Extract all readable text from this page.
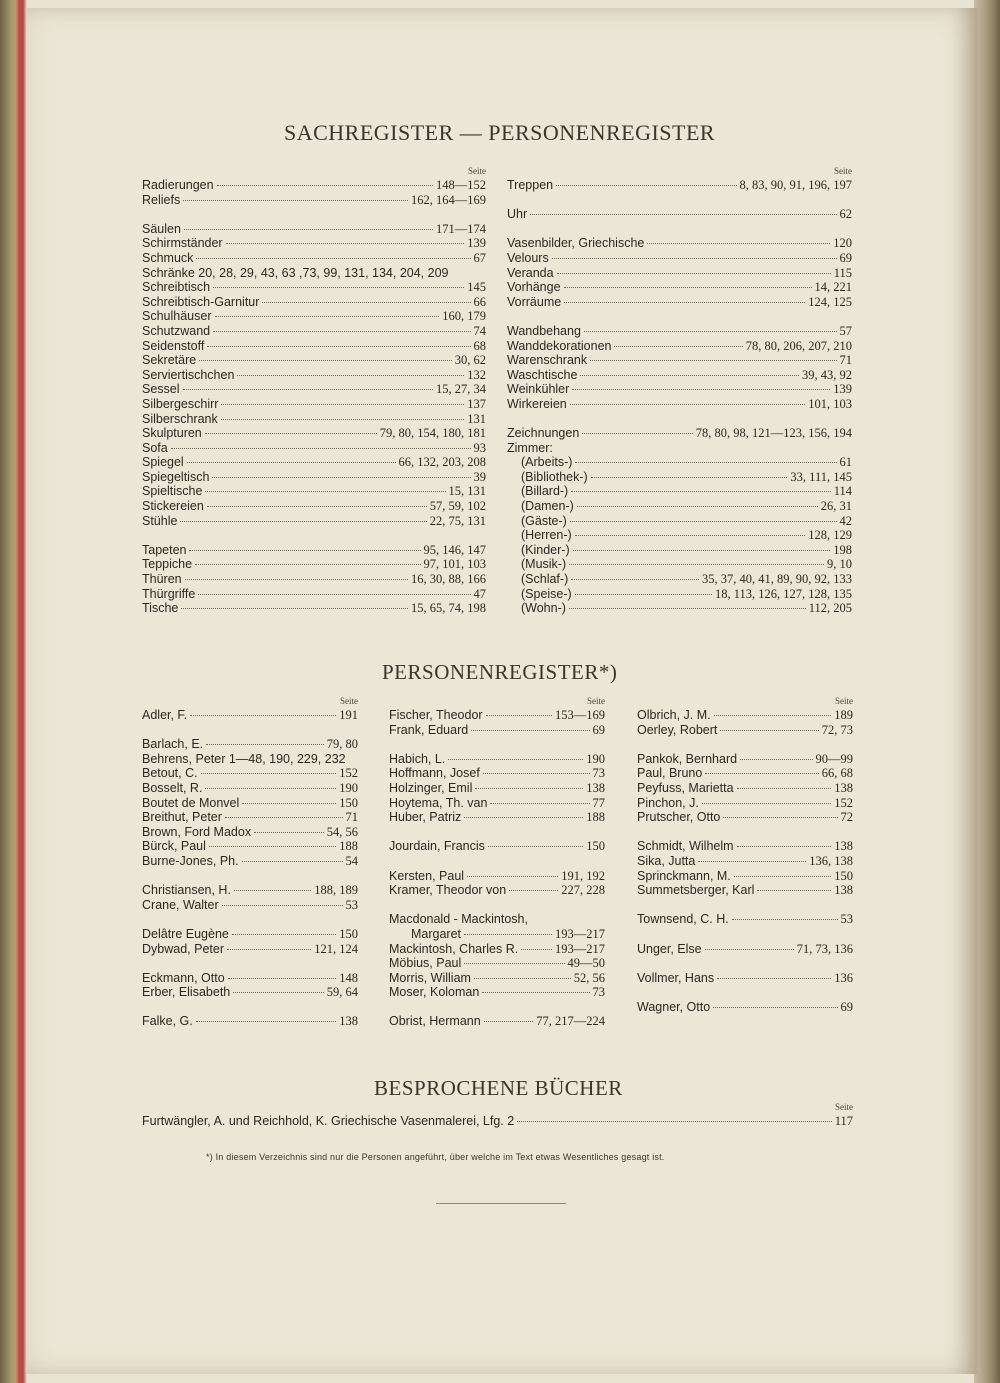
SACHREGISTER — PERSONENREGISTER
Seite
Radierungen	148—152
Reliefs	162, 164—169
Säulen	171—174
Schirmständer	139
Schmuck	67
Schränke 20, 28, 29, 43, 63 ,73, 99, 131, 134, 204, 209
Schreibtisch	145
Schreibtisch-Garnitur	66
Schulhäuser	160, 179
Schutzwand	74
Seidenstoff	68
Sekretäre	30, 62
Serviertischchen	132
Sessel	15, 27, 34
Silbergeschirr	137
Silberschrank	131
Skulpturen	79, 80, 154, 180, 181
Sofa	93
Spiegel	66, 132, 203, 208
Spiegeltisch	39
Spieltische	15, 131
Stickereien	57, 59, 102
Stühle	22, 75, 131
Tapeten	95, 146, 147
Teppiche	97, 101, 103
Thüren	16, 30, 88, 166
Thürgriffe	47
Tische	15, 65, 74, 198
Seite
Treppen	8, 83, 90, 91, 196, 197
Uhr	62
Vasenbilder, Griechische	120
Velours	69
Veranda	115
Vorhänge	14, 221
Vorräume	124, 125
Wandbehang	57
Wanddekorationen	78, 80, 206, 207, 210
Warenschrank	71
Waschtische	39, 43, 92
Weinkühler	139
Wirkereien	101, 103
Zeichnungen	78, 80, 98, 121—123, 156, 194
Zimmer:
(Arbeits-)	61
(Bibliothek-)	33, 111, 145
(Billard-)	114
(Damen-)	26, 31
(Gäste-)	42
(Herren-)	128, 129
(Kinder-)	198
(Musik-)	9, 10
(Schlaf-)	35, 37, 40, 41, 89, 90, 92, 133
(Speise-)	18, 113, 126, 127, 128, 135
(Wohn-)	112, 205
PERSONENREGISTER*)
Seite
Adler, F.	191
Barlach, E.	79, 80
Behrens, Peter 1—48, 190, 229, 232
Betout, C.	152
Bosselt, R.	190
Boutet de Monvel	150
Breithut, Peter	71
Brown, Ford Madox	54, 56
Bürck, Paul	188
Burne-Jones, Ph.	54
Christiansen, H.	188, 189
Crane, Walter	53
Delâtre Eugène	150
Dybwad, Peter	121, 124
Eckmann, Otto	148
Erber, Elisabeth	59, 64
Falke, G.	138
Seite
Fischer, Theodor	153—169
Frank, Eduard	69
Habich, L.	190
Hoffmann, Josef	73
Holzinger, Emil	138
Hoytema, Th. van	77
Huber, Patriz	188
Jourdain, Francis	150
Kersten, Paul	191, 192
Kramer, Theodor von	227, 228
Macdonald - Mackintosh,
Margaret	193—217
Mackintosh, Charles R.	193—217
Möbius, Paul	49—50
Morris, William	52, 56
Moser, Koloman	73
Obrist, Hermann	77, 217—224
Seite
Olbrich, J. M.	189
Oerley, Robert	72, 73
Pankok, Bernhard	90—99
Paul, Bruno	66, 68
Peyfuss, Marietta	138
Pinchon, J.	152
Prutscher, Otto	72
Schmidt, Wilhelm	138
Sika, Jutta	136, 138
Sprinckmann, M.	150
Summetsberger, Karl	138
Townsend, C. H.	53
Unger, Else	71, 73, 136
Vollmer, Hans	136
Wagner, Otto	69
BESPROCHENE BÜCHER
Seite
Furtwängler, A. und Reichhold, K. Griechische Vasenmalerei, Lfg. 2	117
*) In diesem Verzeichnis sind nur die Personen angeführt, über welche im Text etwas Wesentliches gesagt ist.
